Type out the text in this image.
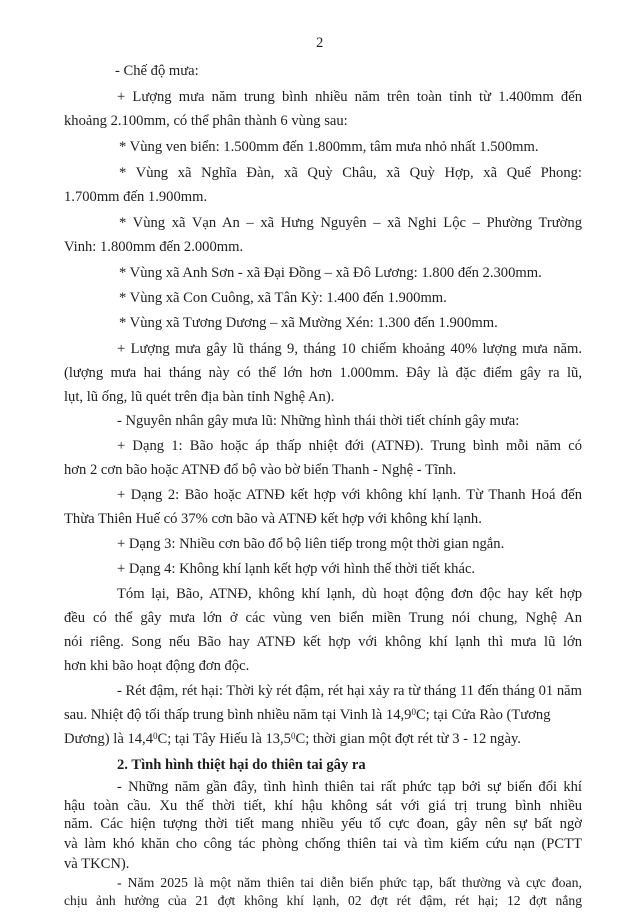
2
- Chế độ mưa:
+ Lượng mưa năm trung bình nhiều năm trên toàn tỉnh từ 1.400mm đến
khoảng 2.100mm, có thể phân thành 6 vùng sau:
* Vùng ven biển: 1.500mm đến 1.800mm, tâm mưa nhỏ nhất 1.500mm.
* Vùng xã Nghĩa Đàn, xã Quỳ Châu, xã Quỳ Hợp, xã Quế Phong:
1.700mm đến 1.900mm.
* Vùng xã Vạn An – xã Hưng Nguyên – xã Nghi Lộc – Phường Trường
Vinh: 1.800mm đến 2.000mm.
* Vùng xã Anh Sơn - xã Đại Đồng – xã Đô Lương: 1.800 đến 2.300mm.
* Vùng xã Con Cuông, xã Tân Kỳ: 1.400 đến 1.900mm.
* Vùng xã Tương Dương – xã Mường Xén: 1.300 đến 1.900mm.
+ Lượng mưa gây lũ tháng 9, tháng 10 chiếm khoảng 40% lượng mưa năm.
(lượng mưa hai tháng này có thể lớn hơn 1.000mm. Đây là đặc điểm gây ra lũ,
lụt, lũ ống, lũ quét trên địa bàn tỉnh Nghệ An).
- Nguyên nhân gây mưa lũ: Những hình thái thời tiết chính gây mưa:
+ Dạng 1: Bão hoặc áp thấp nhiệt đới (ATNĐ). Trung bình mỗi năm có
hơn 2 cơn bão hoặc ATNĐ đổ bộ vào bờ biển Thanh - Nghệ - Tĩnh.
+ Dạng 2: Bão hoặc ATNĐ kết hợp với không khí lạnh. Từ Thanh Hoá đến
Thừa Thiên Huế có 37% cơn bão và ATNĐ kết hợp với không khí lạnh.
+ Dạng 3: Nhiều cơn bão đổ bộ liên tiếp trong một thời gian ngắn.
+ Dạng 4: Không khí lạnh kết hợp với hình thế thời tiết khác.
Tóm lại, Bão, ATNĐ, không khí lạnh, dù hoạt động đơn độc hay kết hợp
đều có thể gây mưa lớn ở các vùng ven biển miền Trung nói chung, Nghệ An
nói riêng. Song nếu Bão hay ATNĐ kết hợp với không khí lạnh thì mưa lũ lớn
hơn khi bão hoạt động đơn độc.
- Rét đậm, rét hại: Thời kỳ rét đậm, rét hại xảy ra từ tháng 11 đến tháng 01 năm
sau. Nhiệt độ tối thấp trung bình nhiều năm tại Vinh là 14,9$^0$C; tại Cửa Rào (Tương
Dương) là 14,4$^0$C; tại Tây Hiếu là 13,5$^0$C; thời gian một đợt rét từ 3 - 12 ngày.
2. Tình hình thiệt hại do thiên tai gây ra
- Những năm gần đây, tình hình thiên tai rất phức tạp bởi sự biến đổi khí
hậu toàn cầu. Xu thế thời tiết, khí hậu không sát với giá trị trung bình nhiều
năm. Các hiện tượng thời tiết mang nhiều yếu tố cực đoan, gây nên sự bất ngờ
và làm khó khăn cho công tác phòng chống thiên tai và tìm kiếm cứu nạn (PCTT
và TKCN).
- Năm 2025 là một năm thiên tai diễn biến phức tạp, bất thường và cực đoan,
chịu ảnh hưởng của 21 đợt không khí lạnh, 02 đợt rét đậm, rét hại; 12 đợt nắng
